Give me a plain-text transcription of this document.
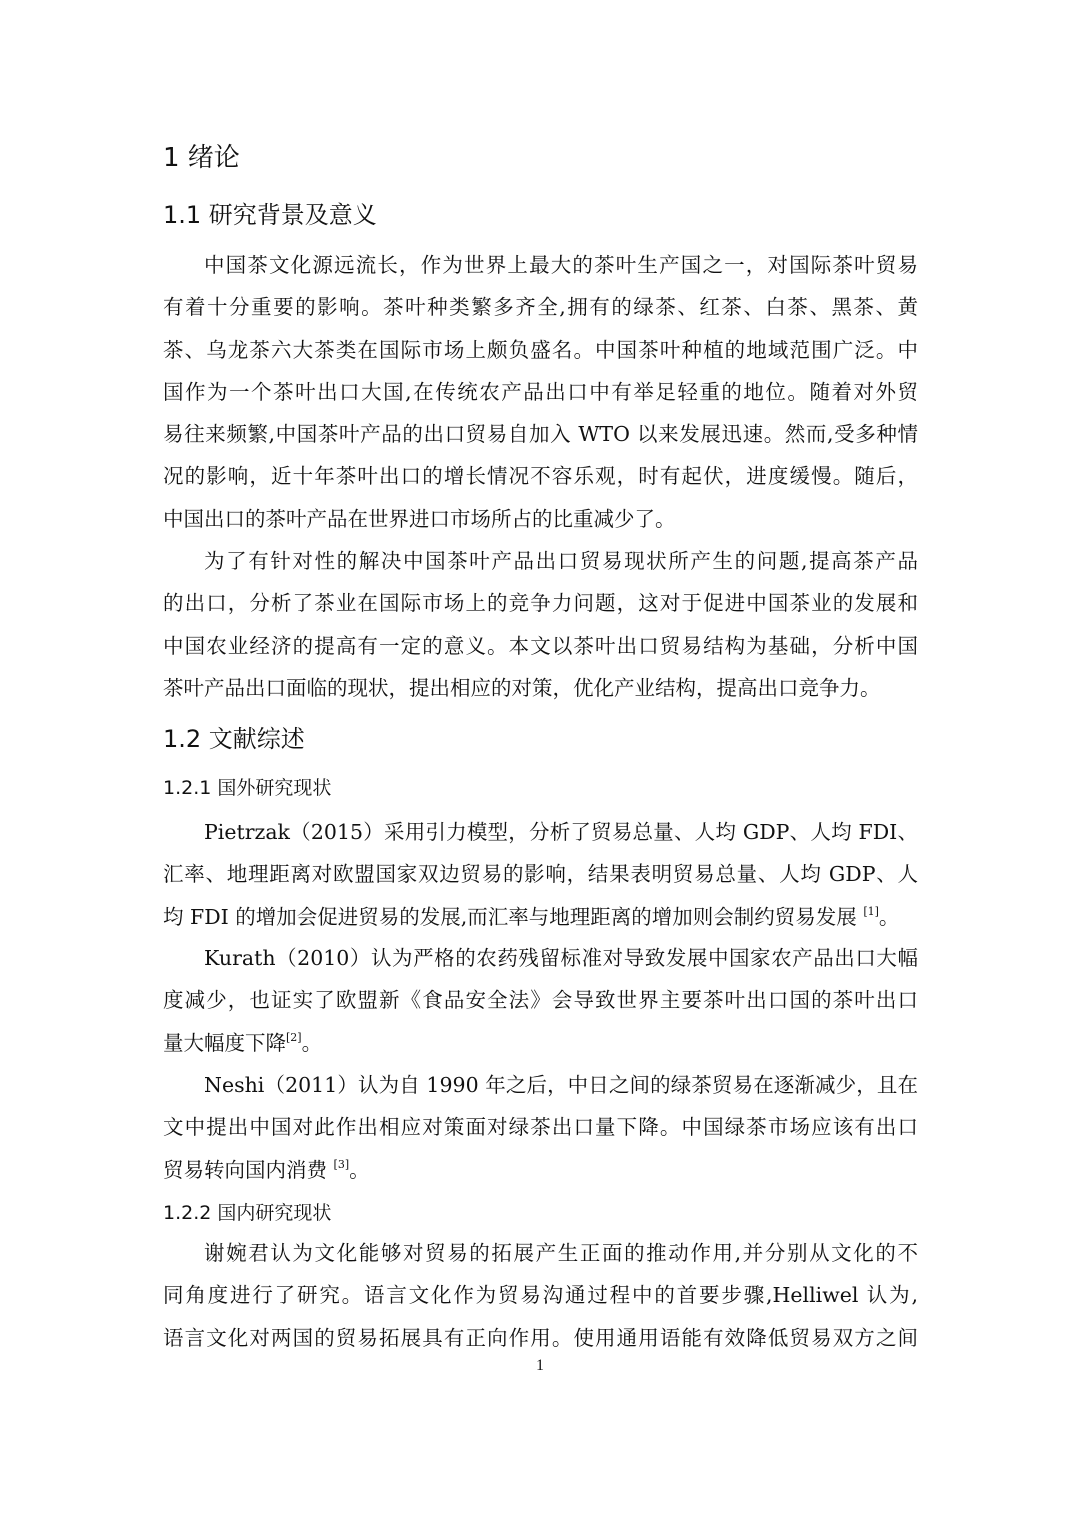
1 绪论
1.1 研究背景及意义
中国茶文化源远流长，作为世界上最大的茶叶生产国之一，对国际茶叶贸易
有着十分重要的影响。茶叶种类繁多齐全,拥有的绿茶、红茶、白茶、黑茶、黄
茶、乌龙茶六大茶类在国际市场上颇负盛名。中国茶叶种植的地域范围广泛。中
国作为一个茶叶出口大国,在传统农产品出口中有举足轻重的地位。随着对外贸
易往来频繁,中国茶叶产品的出口贸易自加入 WTO 以来发展迅速。然而,受多种情
况的影响，近十年茶叶出口的增长情况不容乐观，时有起伏，进度缓慢。随后，
中国出口的茶叶产品在世界进口市场所占的比重减少了。
为了有针对性的解决中国茶叶产品出口贸易现状所产生的问题,提高茶产品
的出口，分析了茶业在国际市场上的竞争力问题，这对于促进中国茶业的发展和
中国农业经济的提高有一定的意义。本文以茶叶出口贸易结构为基础，分析中国
茶叶产品出口面临的现状，提出相应的对策，优化产业结构，提高出口竞争力。
1.2 文献综述
1.2.1 国外研究现状
Pietrzak（2015）采用引力模型，分析了贸易总量、人均 GDP、人均 FDI、
汇率、地理距离对欧盟国家双边贸易的影响，结果表明贸易总量、人均 GDP、人
均 FDI 的增加会促进贸易的发展,而汇率与地理距离的增加则会制约贸易发展 [1]。
Kurath（2010）认为严格的农药残留标准对导致发展中国家农产品出口大幅
度减少，也证实了欧盟新《食品安全法》会导致世界主要茶叶出口国的茶叶出口
量大幅度下降[2]。
Neshi（2011）认为自 1990 年之后，中日之间的绿茶贸易在逐渐减少，且在
文中提出中国对此作出相应对策面对绿茶出口量下降。中国绿茶市场应该有出口
贸易转向国内消费 [3]。
1.2.2 国内研究现状
谢婉君认为文化能够对贸易的拓展产生正面的推动作用,并分别从文化的不
同角度进行了研究。语言文化作为贸易沟通过程中的首要步骤,Helliwel 认为,
语言文化对两国的贸易拓展具有正向作用。使用通用语能有效降低贸易双方之间
1
